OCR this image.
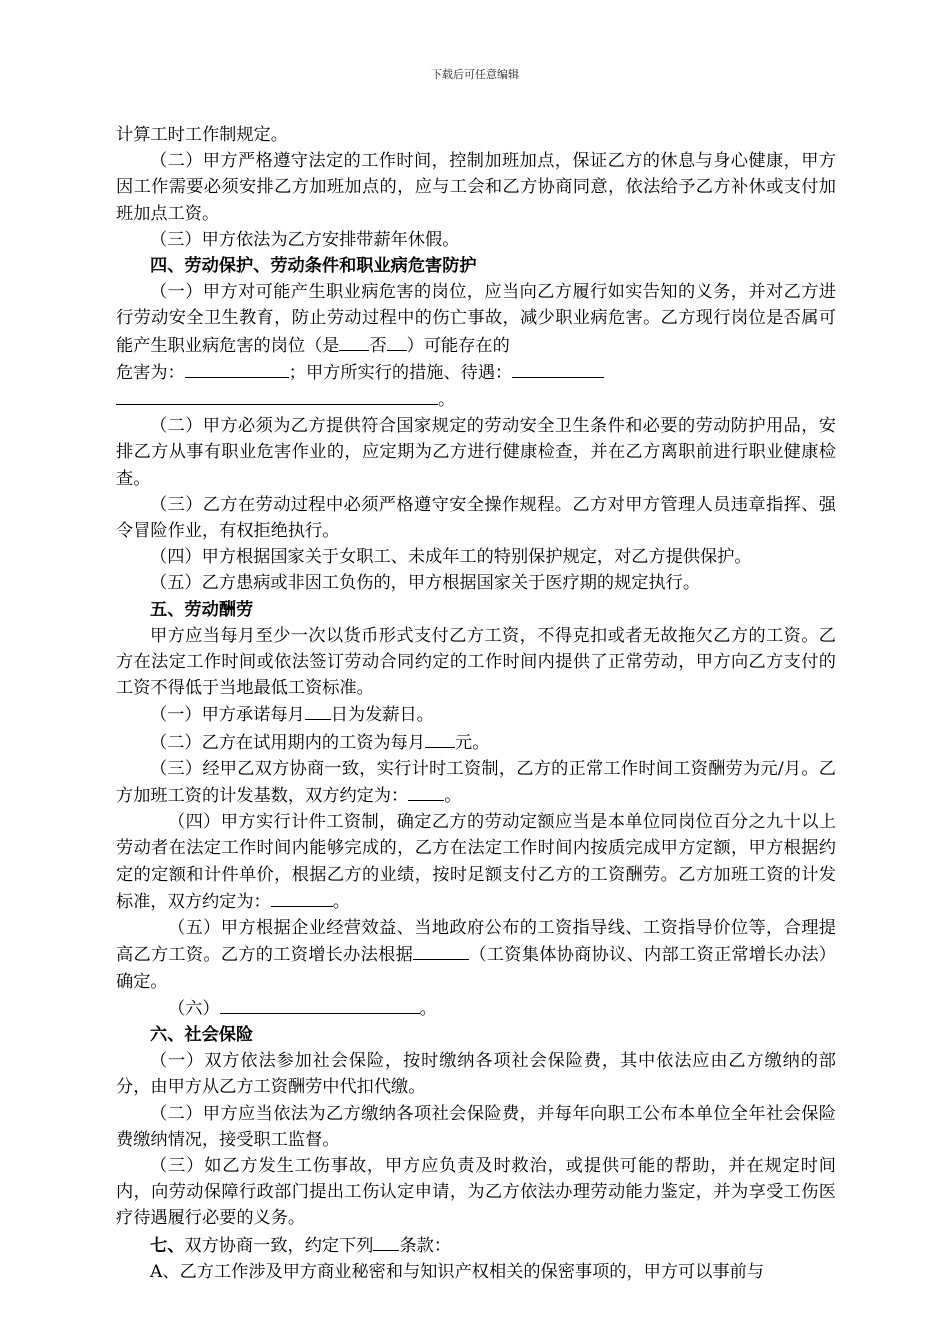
下载后可任意编辑

计算工时工作制规定。

（二）甲方严格遵守法定的工作时间，控制加班加点，保证乙方的休息与身心健康，甲方因工作需要必须安排乙方加班加点的，应与工会和乙方协商同意，依法给予乙方补休或支付加班加点工资。

（三）甲方依法为乙方安排带薪年休假。

四、劳动保护、劳动条件和职业病危害防护

（一）甲方对可能产生职业病危害的岗位，应当向乙方履行如实告知的义务，并对乙方进行劳动安全卫生教育，防止劳动过程中的伤亡事故，减少职业病危害。乙方现行岗位是否属可能产生职业病危害的岗位（是 否 ）可能存在的

危害为：	；甲方所实行的措施、待遇：

。

（二）甲方必须为乙方提供符合国家规定的劳动安全卫生条件和必要的劳动防护用品，安排乙方从事有职业危害作业的，应定期为乙方进行健康检查，并在乙方离职前进行职业健康检查。

（三）乙方在劳动过程中必须严格遵守安全操作规程。乙方对甲方管理人员违章指挥、强令冒险作业，有权拒绝执行。

（四）甲方根据国家关于女职工、未成年工的特别保护规定，对乙方提供保护。

（五）乙方患病或非因工负伤的，甲方根据国家关于医疗期的规定执行。

五、劳动酬劳

甲方应当每月至少一次以货币形式支付乙方工资，不得克扣或者无故拖欠乙方的工资。乙方在法定工作时间或依法签订劳动合同约定的工作时间内提供了正常劳动，甲方向乙方支付的工资不得低于当地最低工资标准。

（一）甲方承诺每月 日为发薪日。

（二）乙方在试用期内的工资为每月 元。

（三）经甲乙双方协商一致，实行计时工资制，乙方的正常工作时间工资酬劳为元/月。乙方加班工资的计发基数，双方约定为： 。

（四）甲方实行计件工资制，确定乙方的劳动定额应当是本单位同岗位百分之九十以上劳动者在法定工作时间内能够完成的，乙方在法定工作时间内按质完成甲方定额，甲方根据约定的定额和计件单价，根据乙方的业绩，按时足额支付乙方的工资酬劳。乙方加班工资的计发标准，双方约定为：	。

（五）甲方根据企业经营效益、当地政府公布的工资指导线、工资指导价位等，合理提高乙方工资。乙方的工资增长办法根据	（工资集体协商协议、内部工资正常增长办法）确定。

（六）	。

六、社会保险

（一）双方依法参加社会保险，按时缴纳各项社会保险费，其中依法应由乙方缴纳的部分，由甲方从乙方工资酬劳中代扣代缴。

（二）甲方应当依法为乙方缴纳各项社会保险费，并每年向职工公布本单位全年社会保险费缴纳情况，接受职工监督。

（三）如乙方发生工伤事故，甲方应负责及时救治，或提供可能的帮助，并在规定时间内，向劳动保障行政部门提出工伤认定申请，为乙方依法办理劳动能力鉴定，并为享受工伤医疗待遇履行必要的义务。

七、双方协商一致，约定下列 条款：

A、乙方工作涉及甲方商业秘密和与知识产权相关的保密事项的，甲方可以事前与
